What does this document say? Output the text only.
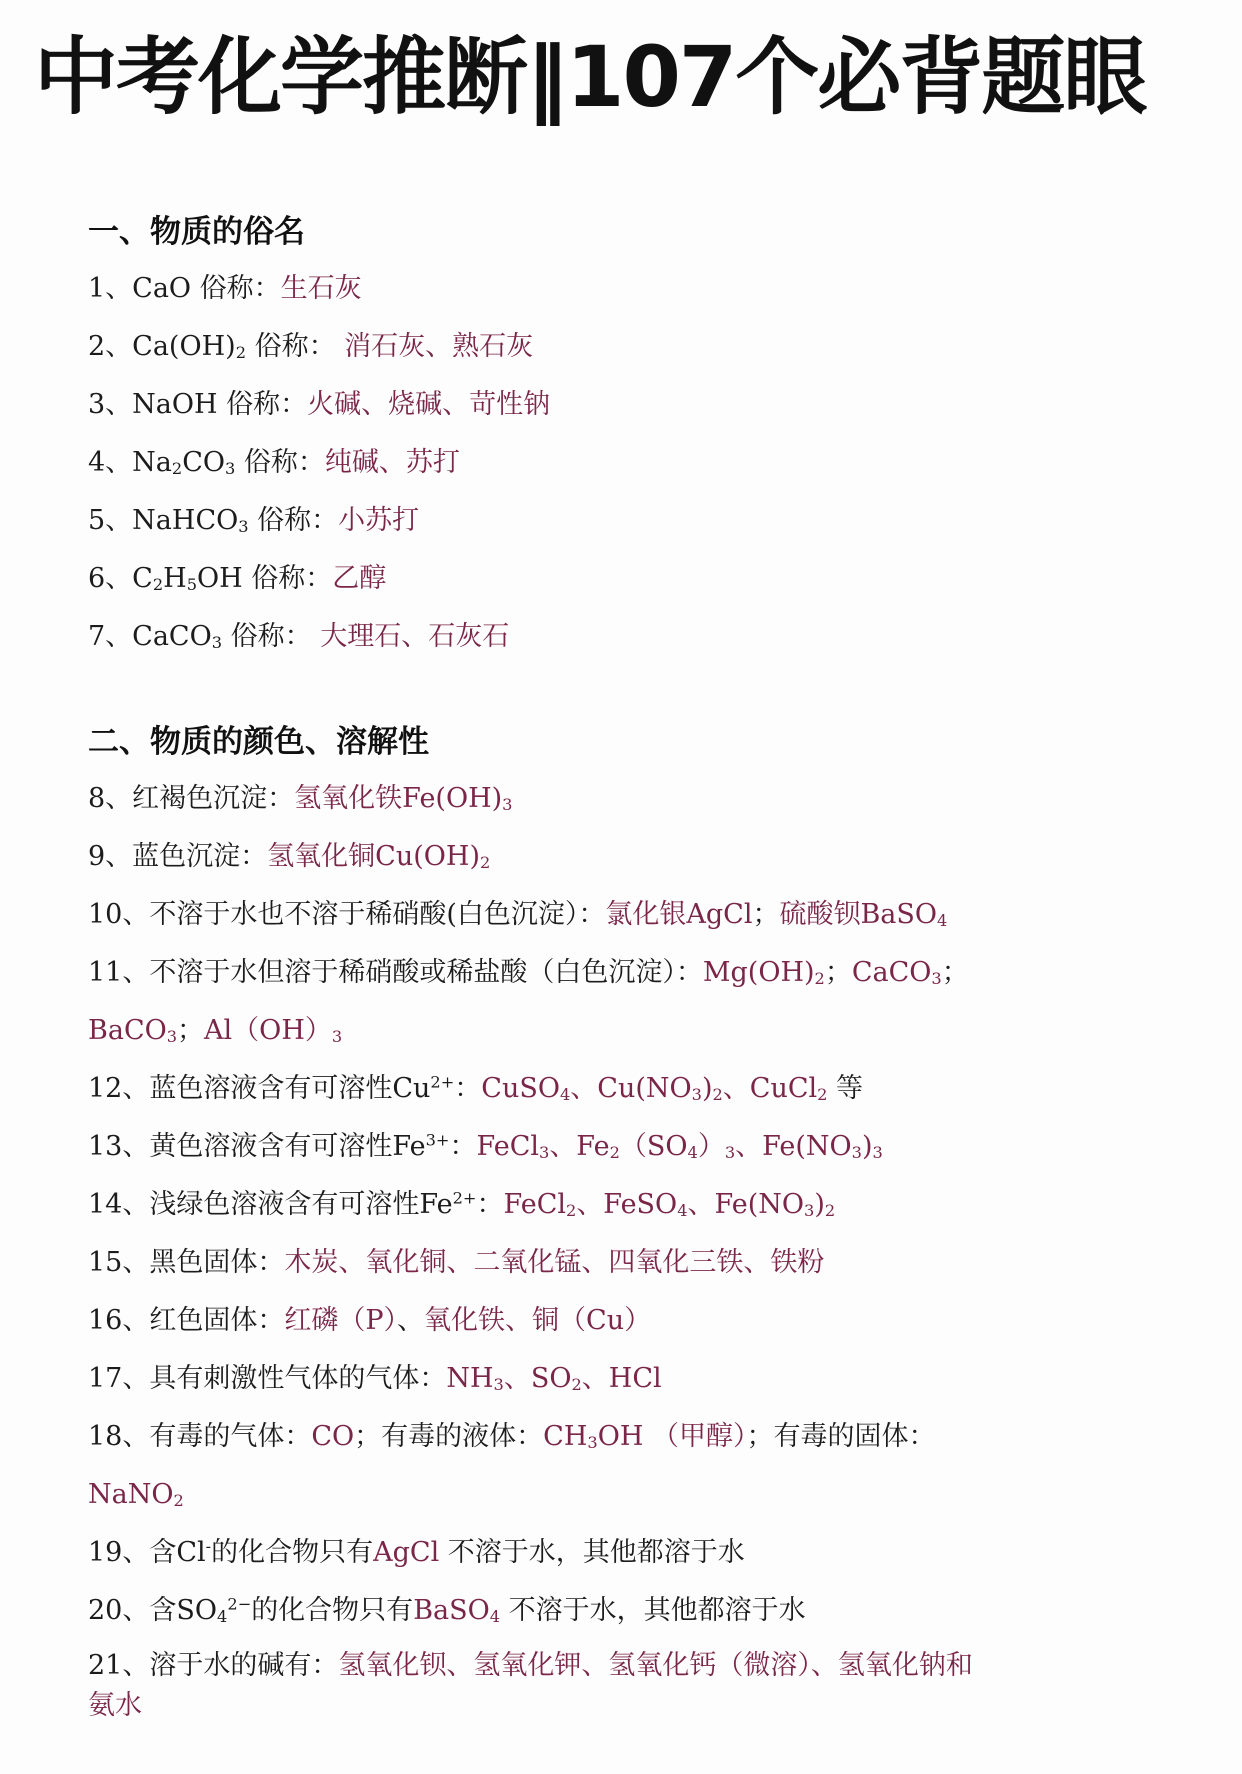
中考化学推断‖107个必背题眼
一、物质的俗名
1、CaO 俗称：生石灰
2、$Ca(OH)_2$ 俗称： 消石灰、熟石灰
3、NaOH 俗称：火碱、烧碱、苛性钠
4、$Na_2CO_3$ 俗称：纯碱、苏打
5、NaHCO$_3$ 俗称：小苏打
6、$C_2H_5OH$ 俗称：乙醇
7、CaCO$_3$ 俗称： 大理石、石灰石
二、物质的颜色、溶解性
8、红褐色沉淀：氢氧化铁$Fe(OH)_3$
9、蓝色沉淀：氢氧化铜$Cu(OH)_2$
10、不溶于水也不溶于稀硝酸(白色沉淀）：氯化银AgCl；硫酸钡BaSO$_4$
11、不溶于水但溶于稀硝酸或稀盐酸（白色沉淀）：$Mg(OH)_2$；CaCO$_3$；
BaCO$_3$；$Al(OH)_3$
12、蓝色溶液含有可溶性$Cu^{2+}$：CuSO$_4$、$Cu(NO_3)_2$、CuCl$_2$ 等
13、黄色溶液含有可溶性$Fe^{3+}$：FeCl$_3$、$Fe_2(SO_4)_3$、$Fe(NO_3)_3$
14、浅绿色溶液含有可溶性$Fe^{2+}$：FeCl$_2$、FeSO$_4$、$Fe(NO_3)_2$
15、黑色固体：木炭、氧化铜、二氧化锰、四氧化三铁、铁粉
16、红色固体：红磷（P）、氧化铁、铜（Cu）
17、具有刺激性气体的气体：$NH_3$、$SO_2$、HCl
18、有毒的气体：CO；有毒的液体：$CH_3OH$ （甲醇）；有毒的固体：
NaNO$_2$
19、含Cl-的化合物只有AgCl 不溶于水，其他都溶于水
20、含$SO_4^{2-}$的化合物只有BaSO$_4$ 不溶于水，其他都溶于水
21、溶于水的碱有：氢氧化钡、氢氧化钾、氢氧化钙（微溶）、氢氧化钠和
氨水
